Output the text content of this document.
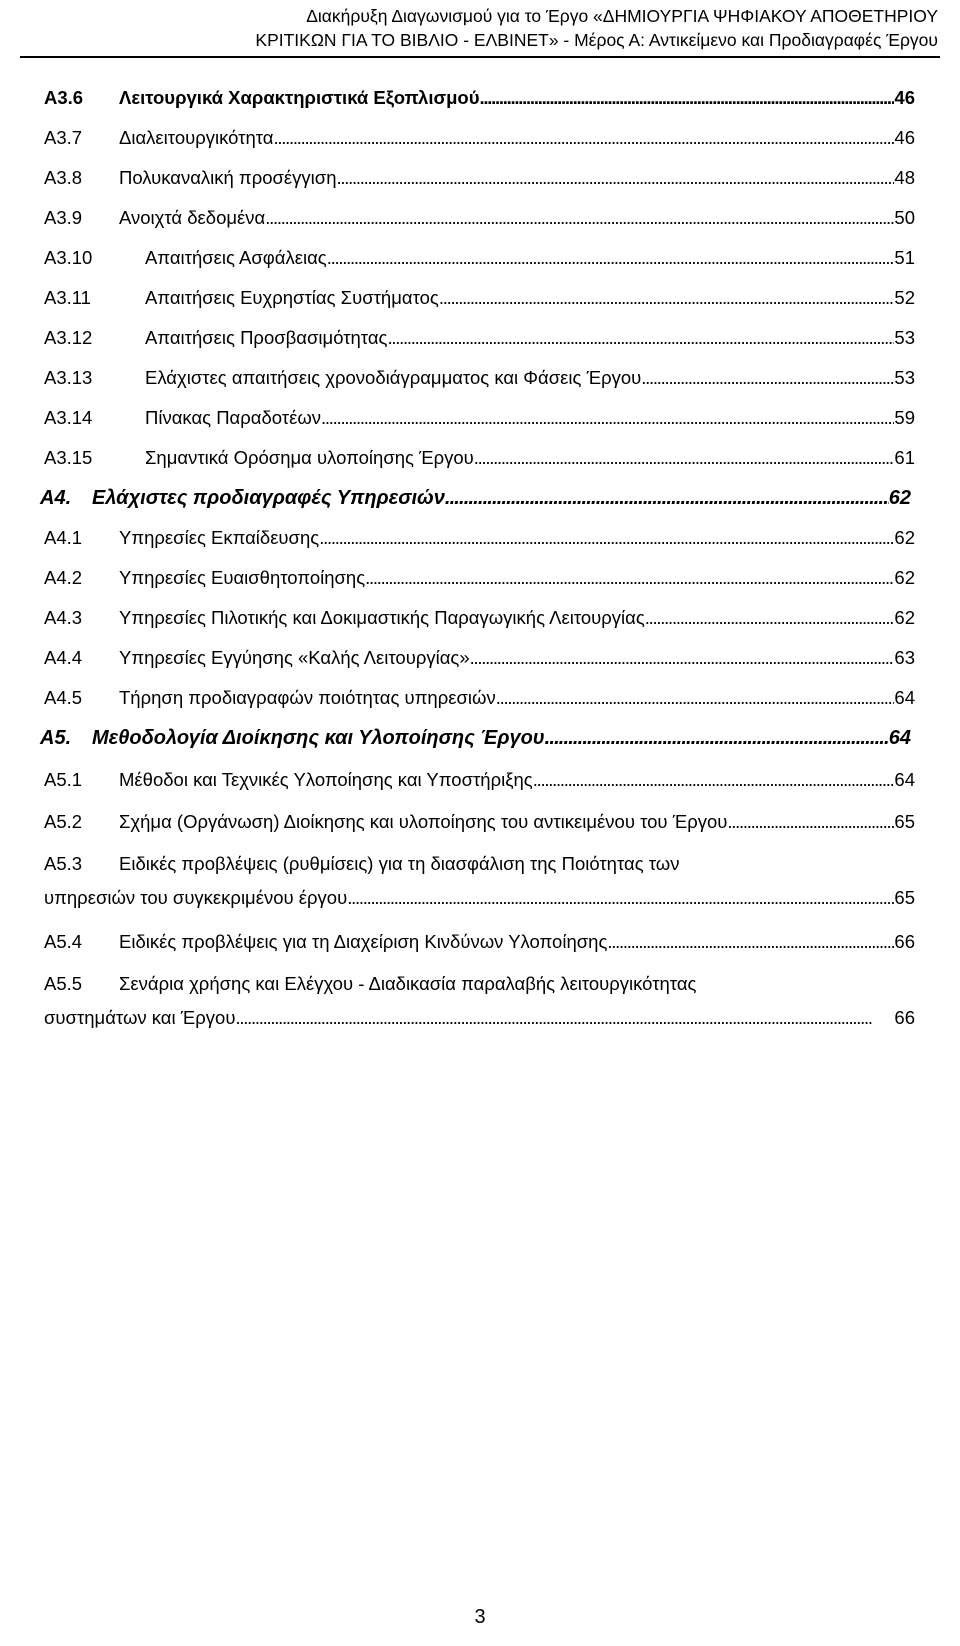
Διακήρυξη Διαγωνισμού για το Έργο «ΔΗΜΙΟΥΡΓΙΑ ΨΗΦΙΑΚΟΥ ΑΠΟΘΕΤΗΡΙΟΥ
ΚΡΙΤΙΚΩΝ ΓΙΑ ΤΟ ΒΙΒΛΙΟ - ΕΛΒΙΝΕΤ» - Μέρος Α: Αντικείμενο και Προδιαγραφές Έργου
A3.6	Λειτουργικά Χαρακτηριστικά Εξοπλισμού . . .	46
A3.7	Διαλειτουργικότητα . . .	46
A3.8	Πολυκαναλική προσέγγιση . . .	48
A3.9	Ανοιχτά δεδομένα . . .	50
A3.10	Απαιτήσεις Ασφάλειας . . .	51
A3.11	Απαιτήσεις Ευχρηστίας Συστήματος . . .	52
A3.12	Απαιτήσεις Προσβασιμότητας . . .	53
A3.13	Ελάχιστες απαιτήσεις χρονοδιάγραμματος και Φάσεις Έργου . . .	53
A3.14	Πίνακας Παραδοτέων . . .	59
A3.15	Σημαντικά Ορόσημα υλοποίησης Έργου . . .	61
A4.	Ελάχιστες προδιαγραφές Υπηρεσιών . . .	62
A4.1	Υπηρεσίες Εκπαίδευσης . . .	62
A4.2	Υπηρεσίες Ευαισθητοποίησης . . .	62
A4.3	Υπηρεσίες Πιλοτικής και Δοκιμαστικής Παραγωγικής Λειτουργίας . . .	62
A4.4	Υπηρεσίες Εγγύησης «Καλής Λειτουργίας» . . .	63
A4.5	Τήρηση προδιαγραφών ποιότητας υπηρεσιών . . .	64
A5.	Μεθοδολογία Διοίκησης και Υλοποίησης Έργου . . .	64
A5.1	Μέθοδοι και Τεχνικές Υλοποίησης και Υποστήριξης . . .	64
A5.2	Σχήμα (Οργάνωση) Διοίκησης και υλοποίησης του αντικειμένου του Έργου . . .	65
A5.3 Ειδικές προβλέψεις (ρυθμίσεις) για τη διασφάλιση της Ποιότητας των
υπηρεσιών του συγκεκριμένου έργου . . .	65
A5.4	Ειδικές προβλέψεις για τη Διαχείριση Κινδύνων Υλοποίησης . . .	66
A5.5 Σενάρια χρήσης και Ελέγχου - Διαδικασία παραλαβής λειτουργικότητας
συστημάτων και Έργου . . .	66
3
